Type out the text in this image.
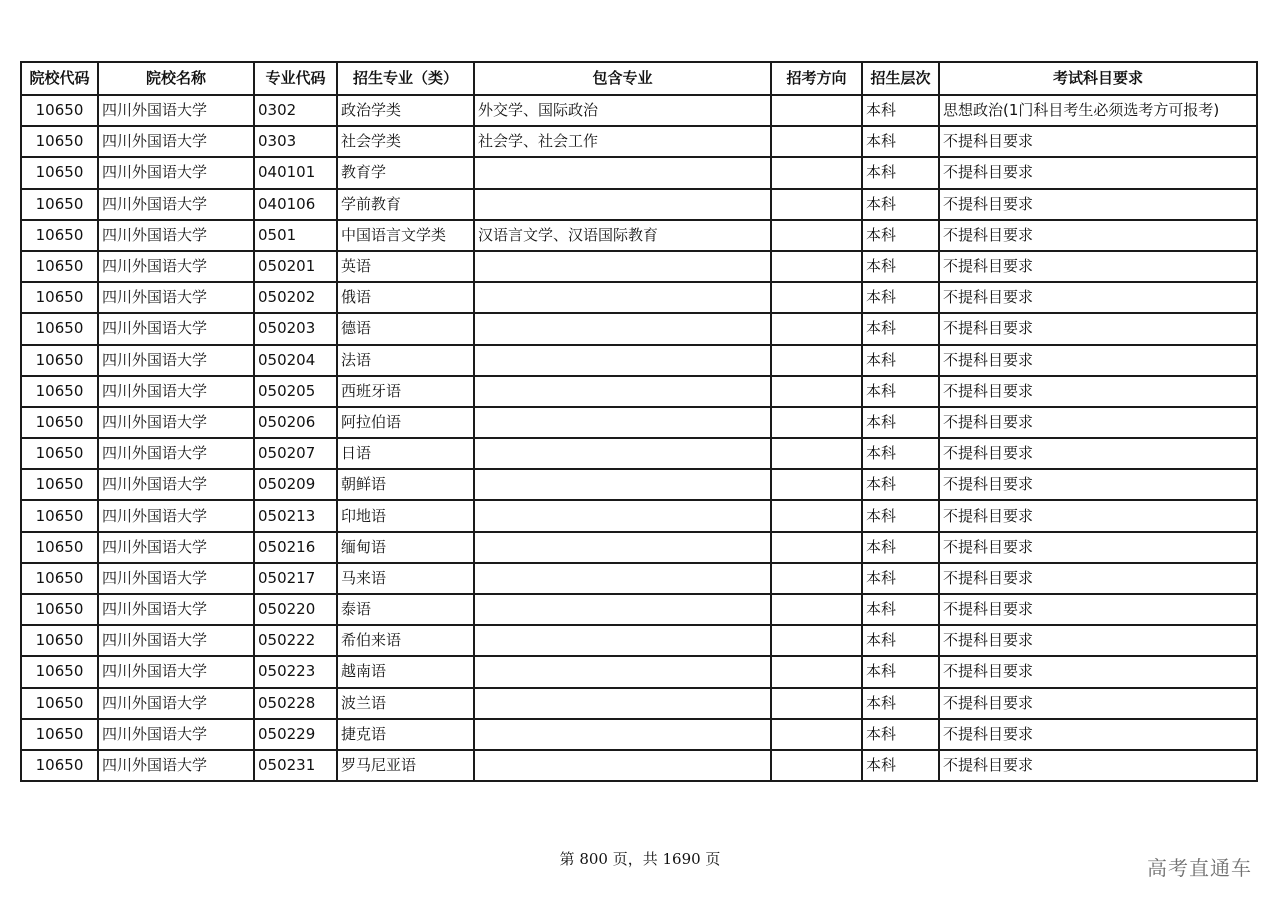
院校代码	院校名称	专业代码	招生专业（类）	包含专业	招考方向	招生层次	考试科目要求
10650	四川外国语大学	0302	政治学类	外交学、国际政治		本科	思想政治(1门科目考生必须选考方可报考)
10650	四川外国语大学	0303	社会学类	社会学、社会工作		本科	不提科目要求
10650	四川外国语大学	040101	教育学			本科	不提科目要求
10650	四川外国语大学	040106	学前教育			本科	不提科目要求
10650	四川外国语大学	0501	中国语言文学类	汉语言文学、汉语国际教育		本科	不提科目要求
10650	四川外国语大学	050201	英语			本科	不提科目要求
10650	四川外国语大学	050202	俄语			本科	不提科目要求
10650	四川外国语大学	050203	德语			本科	不提科目要求
10650	四川外国语大学	050204	法语			本科	不提科目要求
10650	四川外国语大学	050205	西班牙语			本科	不提科目要求
10650	四川外国语大学	050206	阿拉伯语			本科	不提科目要求
10650	四川外国语大学	050207	日语			本科	不提科目要求
10650	四川外国语大学	050209	朝鲜语			本科	不提科目要求
10650	四川外国语大学	050213	印地语			本科	不提科目要求
10650	四川外国语大学	050216	缅甸语			本科	不提科目要求
10650	四川外国语大学	050217	马来语			本科	不提科目要求
10650	四川外国语大学	050220	泰语			本科	不提科目要求
10650	四川外国语大学	050222	希伯来语			本科	不提科目要求
10650	四川外国语大学	050223	越南语			本科	不提科目要求
10650	四川外国语大学	050228	波兰语			本科	不提科目要求
10650	四川外国语大学	050229	捷克语			本科	不提科目要求
10650	四川外国语大学	050231	罗马尼亚语			本科	不提科目要求
第 800 页，共 1690 页	高考直通车
